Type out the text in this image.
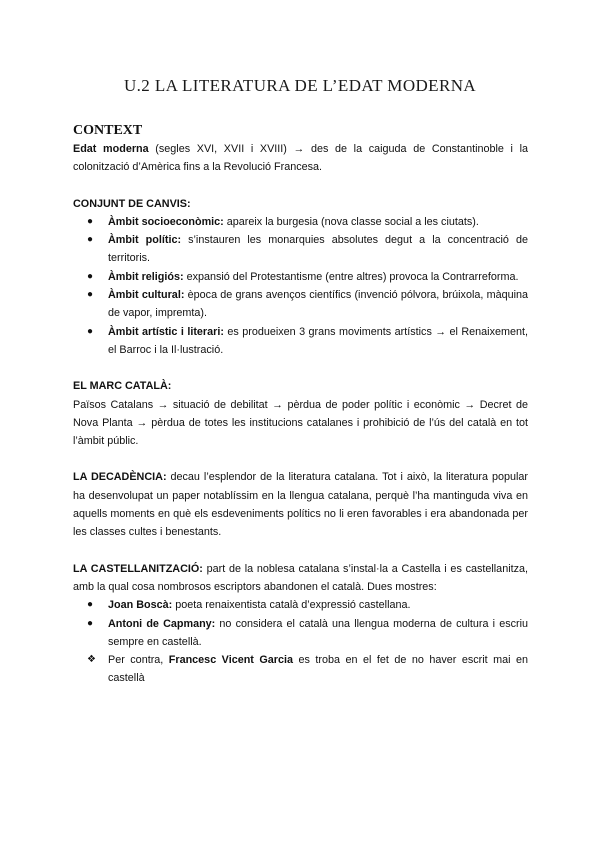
U.2 LA LITERATURA DE L’EDAT MODERNA

CONTEXT

Edat moderna (segles XVI, XVII i XVIII) → des de la caiguda de Constantinoble i la colonització d’Amèrica fins a la Revolució Francesa.

CONJUNT DE CANVIS:

●	Àmbit socioeconòmic: apareix la burgesia (nova classe social a les ciutats).
●	Àmbit polític: s’instauren les monarquies absolutes degut a la concentració de territoris.
●	Àmbit religiós: expansió del Protestantisme (entre altres) provoca la Contrarreforma.
●	Àmbit cultural: època de grans avenços científics (invenció pólvora, brúixola, màquina de vapor, impremta).
●	Àmbit artístic i literari: es produeixen 3 grans moviments artístics → el Renaixement, el Barroc i la Il·lustració.

EL MARC CATALÀ:

Països Catalans → situació de debilitat → pèrdua de poder polític i econòmic → Decret de Nova Planta → pèrdua de totes les institucions catalanes i prohibició de l’ús del català en tot l’àmbit públic.

LA DECADÈNCIA: decau l’esplendor de la literatura catalana. Tot i això, la literatura popular ha desenvolupat un paper notablíssim en la llengua catalana, perquè l’ha mantinguda viva en aquells moments en què els esdeveniments polítics no li eren favorables i era abandonada per les classes cultes i benestants.

LA CASTELLANITZACIÓ: part de la noblesa catalana s’instal·la a Castella i es castellanitza, amb la qual cosa nombrosos escriptors abandonen el català. Dues mostres:

●	Joan Boscà: poeta renaixentista català d’expressió castellana.
●	Antoni de Capmany: no considera el català una llengua moderna de cultura i escriu sempre en castellà.
❖	Per contra, Francesc Vicent Garcia es troba en el fet de no haver escrit mai en castellà
